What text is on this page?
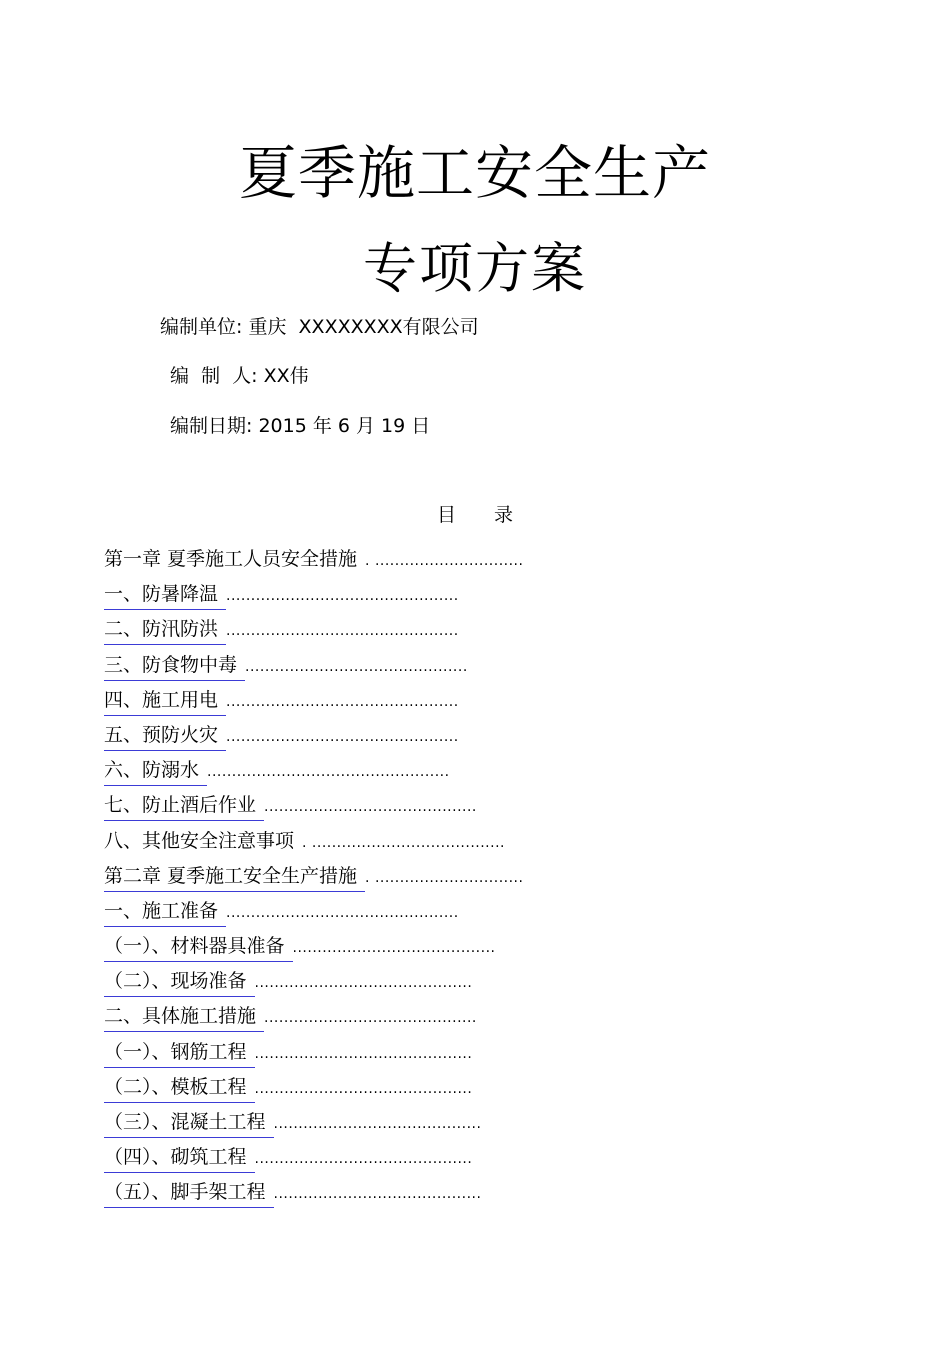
夏季施工安全生产
专项方案
编制单位: 重庆  XXXXXXXX有限公司
编  制  人: XX伟
编制日期: 2015 年 6 月 19 日
目 录
第一章 夏季施工人员安全措施 . ..............................
一、防暑降温 ...............................................
二、防汛防洪 ...............................................
三、防食物中毒 .............................................
四、施工用电 ...............................................
五、预防火灾 ...............................................
六、防溺水 .................................................
七、防止酒后作业 ...........................................
八、其他安全注意事项 . .......................................
第二章 夏季施工安全生产措施 . ..............................
一、施工准备 ...............................................
（一）、材料器具准备 .........................................
（二）、现场准备 ............................................
二、具体施工措施 ...........................................
（一）、钢筋工程 ............................................
（二）、模板工程 ............................................
（三）、混凝土工程 ..........................................
（四）、砌筑工程 ............................................
（五）、脚手架工程 ..........................................
